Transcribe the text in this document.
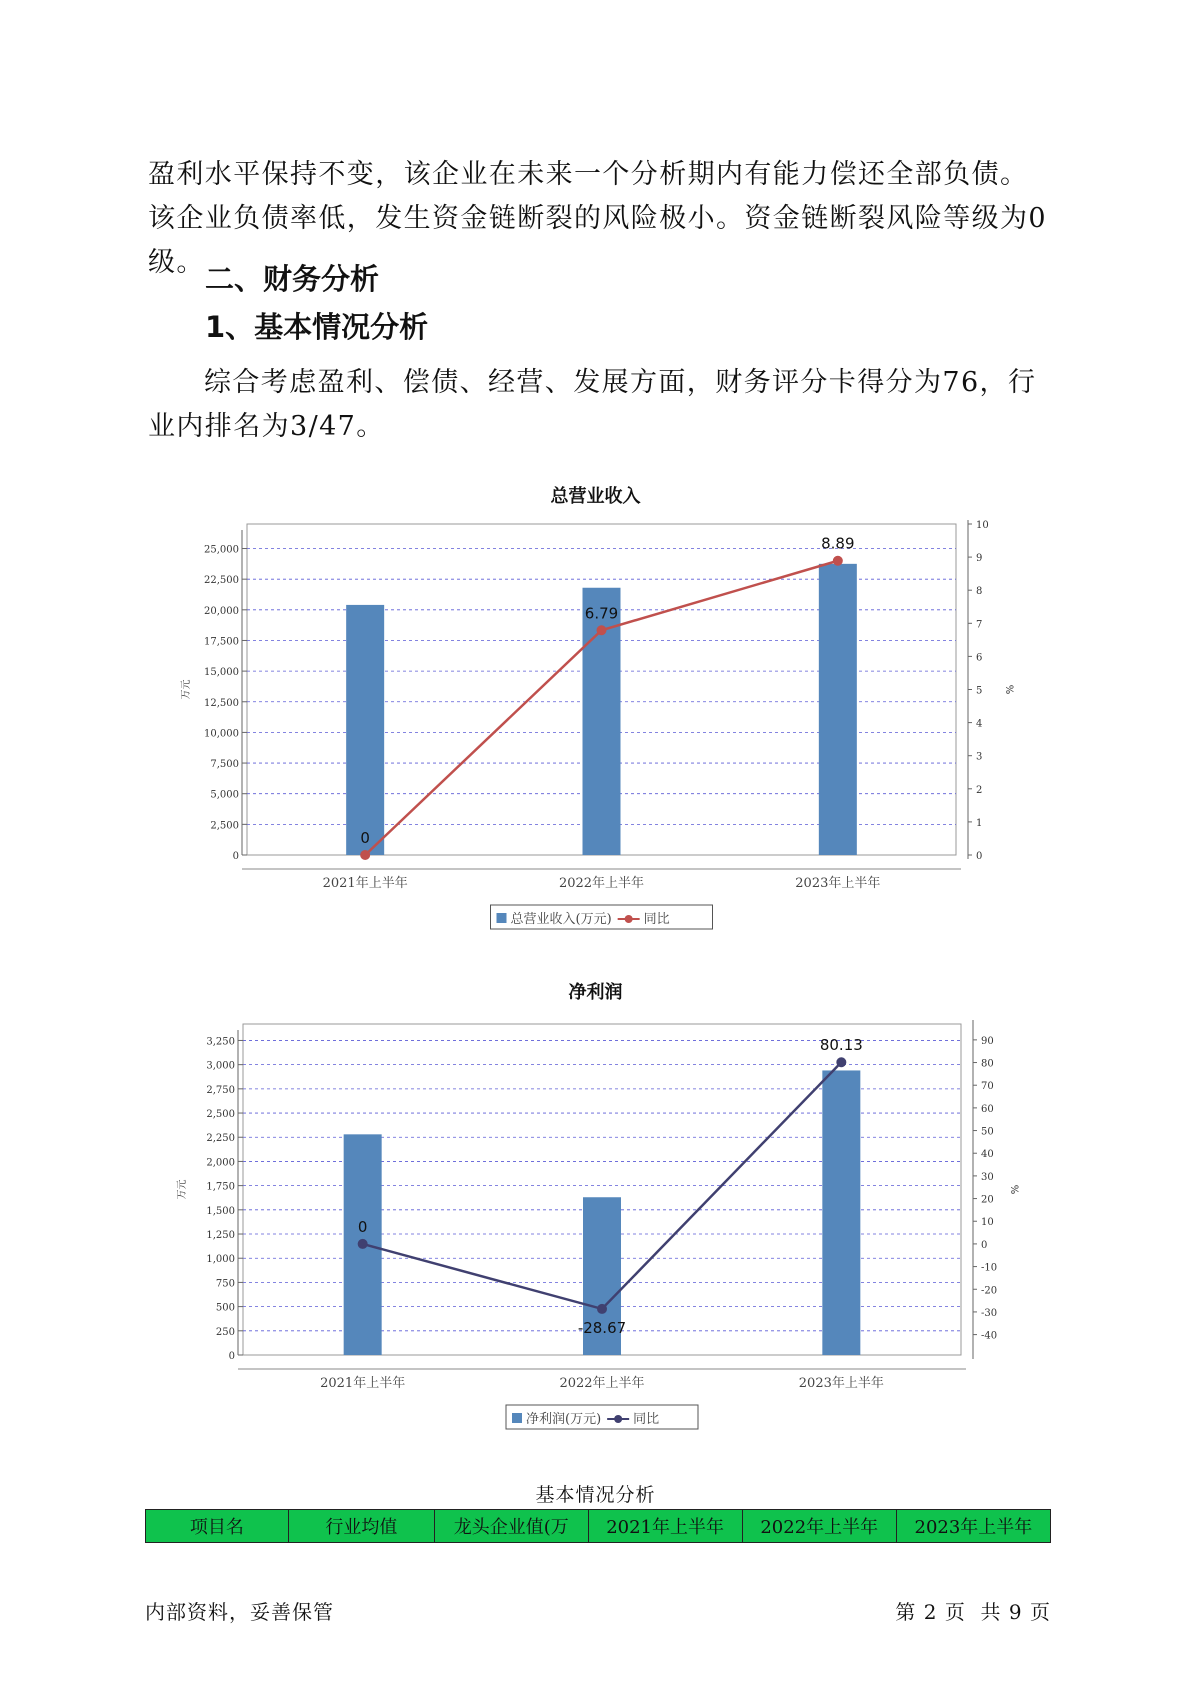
盈利水平保持不变，该企业在未来一个分析期内有能力偿还全部负债。该企业负债率低，发生资金链断裂的风险极小。资金链断裂风险等级为0级。 二、财务分析
1、基本情况分析

综合考虑盈利、偿债、经营、发展方面，财务评分卡得分为76，行业内排名为3/47。

总营业收入
0
2,500
5,000
7,500
10,000
12,500
15,000
17,500
20,000
22,500
25,000
0
1
2
3
4
5
6
7
8
9
10
万元	%
2021年上半年	2022年上半年	2023年上半年
0
6.79
8.89
总营业收入(万元) 同比
净利润
0
250
500
750
1,000
1,250
1,500
1,750
2,000
2,250
2,500
2,750
3,000
3,250
-40
-30
-20
-10
0
10
20
30
40
50
60
70
80
90
万元	%
2021年上半年	2022年上半年	2023年上半年
0
-28.67
80.13
净利润(万元) 同比
基本情况分析
项目名	行业均值	龙头企业值(万	2021年上半年	2022年上半年	2023年上半年
内部资料，妥善保管	第 2 页  共 9 页
